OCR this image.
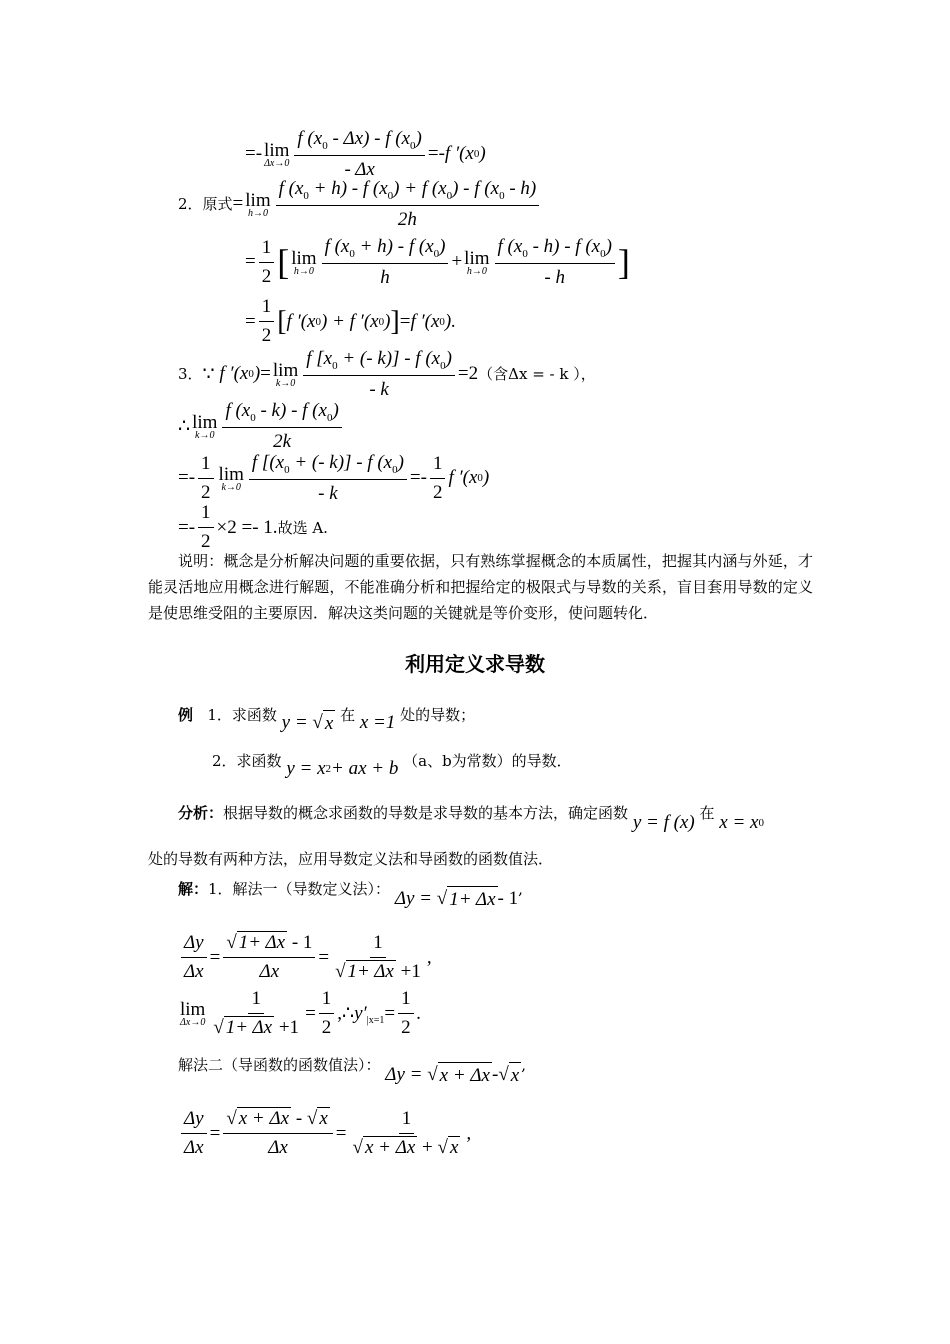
= - lim
$\Delta x\to 0 \frac{f (x_0 - \Delta x) - f (x_0)}{- \Delta x} =- f$ ′(x 0 )
2．原式 = lim
$h\to 0 \frac{f (x_0 + h) - f (x_0) + f (x_0) - f (x_0 - h)}{2h}$
= $\frac{1}{2}$ [ lim
$h\to 0 \frac{f (x_0 + h) - f (x_0)}{h} + \lim$
$h\to 0 \frac{f (x_0 - h) - f (x_0)}{- h}$ ]
= $\frac{1}{2}$ [ f ′(x 0 ) + f ′(x 0 ) ] = f ′(x 0 ).
3． ∵ f ′(x 0 ) = lim
$k\to 0 \frac{f [x_0 + (- k)] - f (x_0)}{- k} =2$ （含Δx = - k ），
∴ lim
$k\to 0 \frac{f (x_0 - k) - f (x_0)}{2k}$
=- $\frac{1}{2}$ lim
$k\to 0 \frac{f [(x_0 + (- k)] - f (x_0)}{- k} =- \frac{1}{2}$ f ′(x 0 )
=- $\frac{1}{2} \times 2 =- 1$. 故选 A.
说明：概念是分析解决问题的重要依据，只有熟练掌握概念的本质属性，把握其内涵与外延，才能灵活地应用概念进行解题，不能准确分析和把握给定的极限式与导数的关系，盲目套用导数的定义是使思维受阻的主要原因．解决这类问题的关键就是等价变形，使问题转化．
利用定义求导数
例 1．求函数 y = √ x 在 x =1 处的导数；
2．求函数 y = x 2 + ax + b （a、b为常数）的导数．
分析：根据导数的概念求函数的导数是求导数的基本方法，确定函数 y = f (x) 在 x = x 0
处的导数有两种方法，应用导数定义法和导函数的函数值法．
解：1．解法一（导数定义法）： Δy = √ 1+ Δx - 1 ,
$\frac{\Delta y}{\Delta x} = \frac{√ 1+ \Delta x - 1}{\Delta x} = \frac{1}{√ 1+ \Delta x +1}$ ,
lim
$\Delta x\to 0 \frac{1}{√ 1+ \Delta x +1} = \frac{1}{2}$ ,∴ y′ $|x=1 = \frac{1}{2}$ .
解法二（导函数的函数值法）： Δy = √ x + Δx - √ x ,
$\frac{\Delta y}{\Delta x} = \frac{√ x + \Delta x - √ x}{\Delta x} = \frac{1}{√ x + \Delta x + √ x}$ ,
